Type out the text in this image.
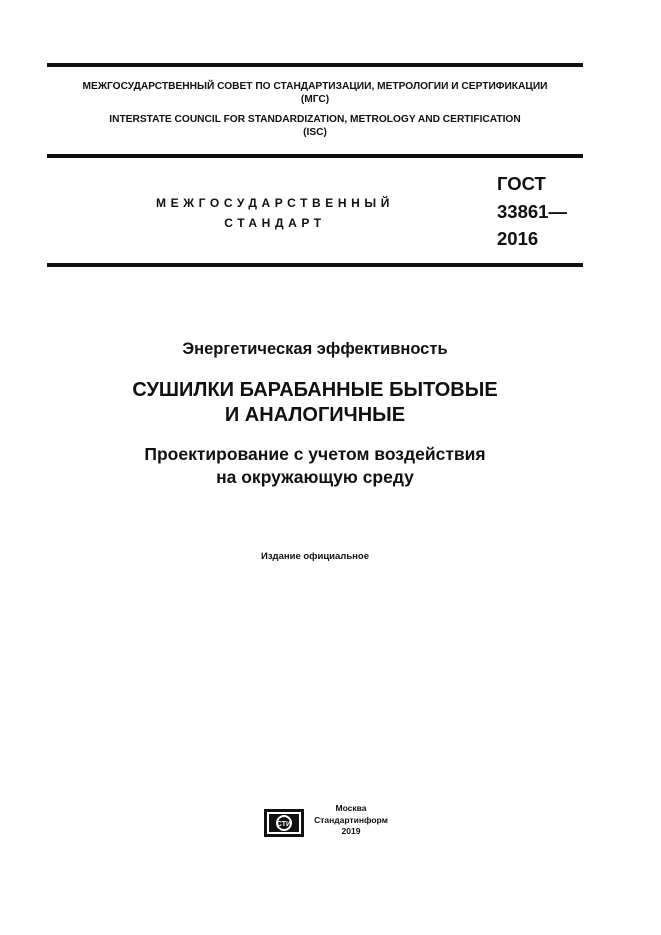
МЕЖГОСУДАРСТВЕННЫЙ СОВЕТ ПО СТАНДАРТИЗАЦИИ, МЕТРОЛОГИИ И СЕРТИФИКАЦИИ
(МГС)
INTERSTATE COUNCIL FOR STANDARDIZATION, METROLOGY AND CERTIFICATION
(ISC)
МЕЖГОСУДАРСТВЕННЫЙ
СТАНДАРТ
ГОСТ
33861—
2016
Энергетическая эффективность
СУШИЛКИ БАРАБАННЫЕ БЫТОВЫЕ
И АНАЛОГИЧНЫЕ
Проектирование с учетом воздействия
на окружающую среду
Издание официальное
СТИ
Москва
Стандартинформ
2019
